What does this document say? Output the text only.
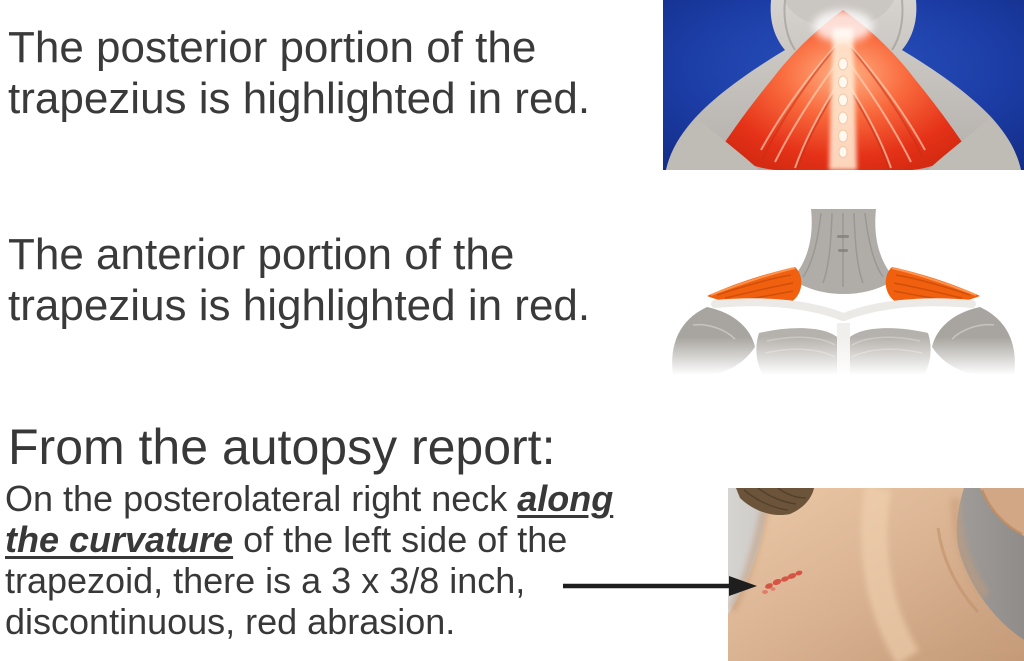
The posterior portion of the
trapezius is highlighted in red.
The anterior portion of the
trapezius is highlighted in red.
From the autopsy report:
On the posterolateral right neck along the curvature of the left side of the trapezoid, there is a 3 x 3/8 inch, discontinuous, red abrasion.
